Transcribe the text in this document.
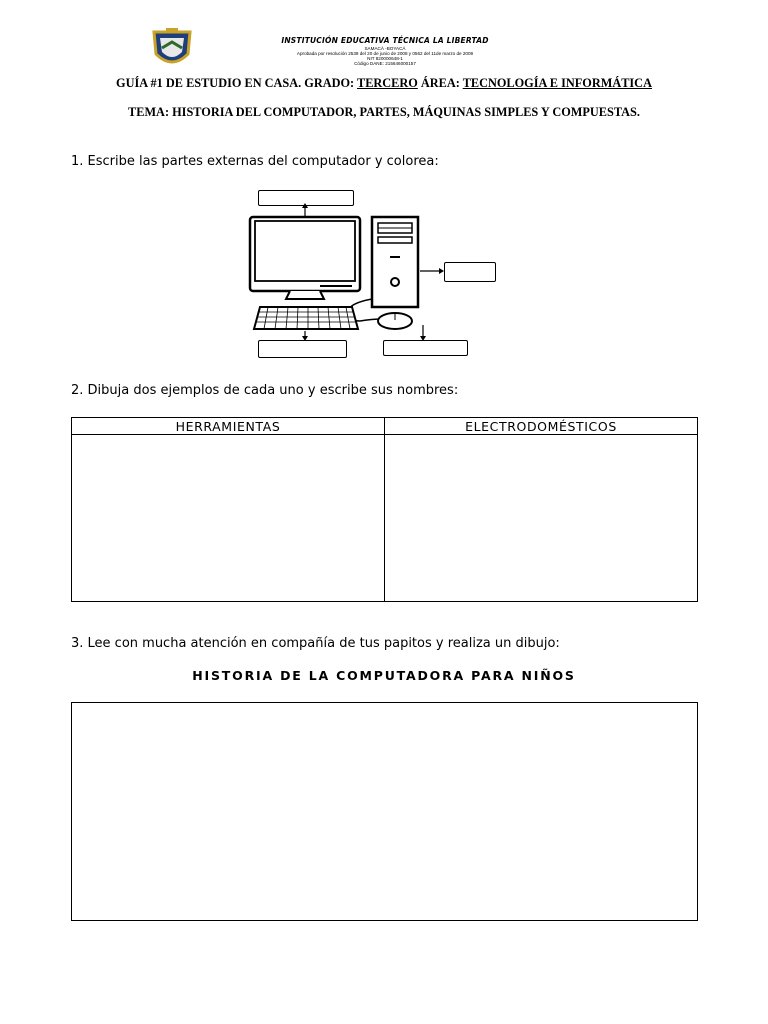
INSTITUCIÓN EDUCATIVA TÉCNICA LA LIBERTAD
SAMACÁ -BOYACÁ
Aprobada por resolución 2539 del 20 de junio de 2008 y 0562 del 11de marzo de 2009
NIT 820000648-1
Código DANE: 215646000157
GUÍA #1 DE ESTUDIO EN CASA. GRADO: TERCERO ÁREA: TECNOLOGÍA E INFORMÁTICA
TEMA: HISTORIA DEL COMPUTADOR, PARTES, MÁQUINAS SIMPLES Y COMPUESTAS.
1. Escribe las partes externas del computador y colorea:
2. Dibuja dos ejemplos de cada uno y escribe sus nombres:
HERRAMIENTAS	ELECTRODOMÉSTICOS

3. Lee con mucha atención en compañía de tus papitos y realiza un dibujo:
HISTORIA DE LA COMPUTADORA PARA NIÑOS
